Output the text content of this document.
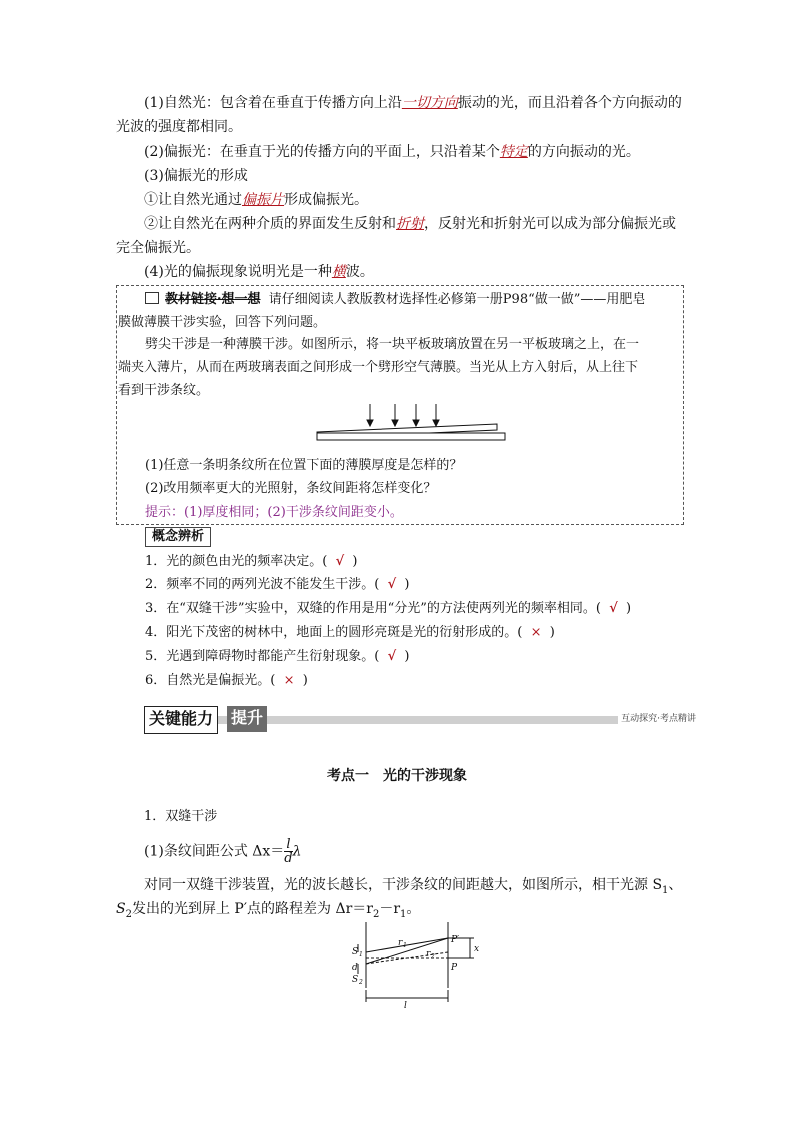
(1)自然光：包含着在垂直于传播方向上沿一切方向振动的光，而且沿着各个方向振动的
光波的强度都相同。
(2)偏振光：在垂直于光的传播方向的平面上，只沿着某个特定的方向振动的光。
(3)偏振光的形成
①让自然光通过偏振片形成偏振光。
②让自然光在两种介质的界面发生反射和折射，反射光和折射光可以成为部分偏振光或
完全偏振光。
(4)光的偏振现象说明光是一种横波。
教材链接·想一想 请仔细阅读人教版教材选择性必修第一册P98“做一做”——用肥皂
膜做薄膜干涉实验，回答下列问题。
劈尖干涉是一种薄膜干涉。如图所示，将一块平板玻璃放置在另一平板玻璃之上，在一
端夹入薄片，从而在两玻璃表面之间形成一个劈形空气薄膜。当光从上方入射后，从上往下
看到干涉条纹。
(1)任意一条明条纹所在位置下面的薄膜厚度是怎样的？
(2)改用频率更大的光照射，条纹间距将怎样变化？
提示：(1)厚度相同；(2)干涉条纹间距变小。
概念辨析
1．光的颜色由光的频率决定。( √ )
2．频率不同的两列光波不能发生干涉。( √ )
3．在“双缝干涉”实验中，双缝的作用是用“分光”的方法使两列光的频率相同。( √ )
4．阳光下茂密的树林中，地面上的圆形亮斑是光的衍射形成的。( × )
5．光遇到障碍物时都能产生衍射现象。( √ )
6．自然光是偏振光。( × )
关键能力	提升	互动探究·考点精讲
考点一　光的干涉现象
1．双缝干涉
(1)条纹间距公式 $\Delta x= \frac{l}{d}$ λ
对同一双缝干涉装置，光的波长越长，干涉条纹的间距越大，如图所示，相干光源 $S_1$、
$S_2$发出的光到屏上 P′点的路程差为 $\Delta r=r_2-r_1$。
S 1
d
S 2
r 1
r 2
P′
P
x
l
